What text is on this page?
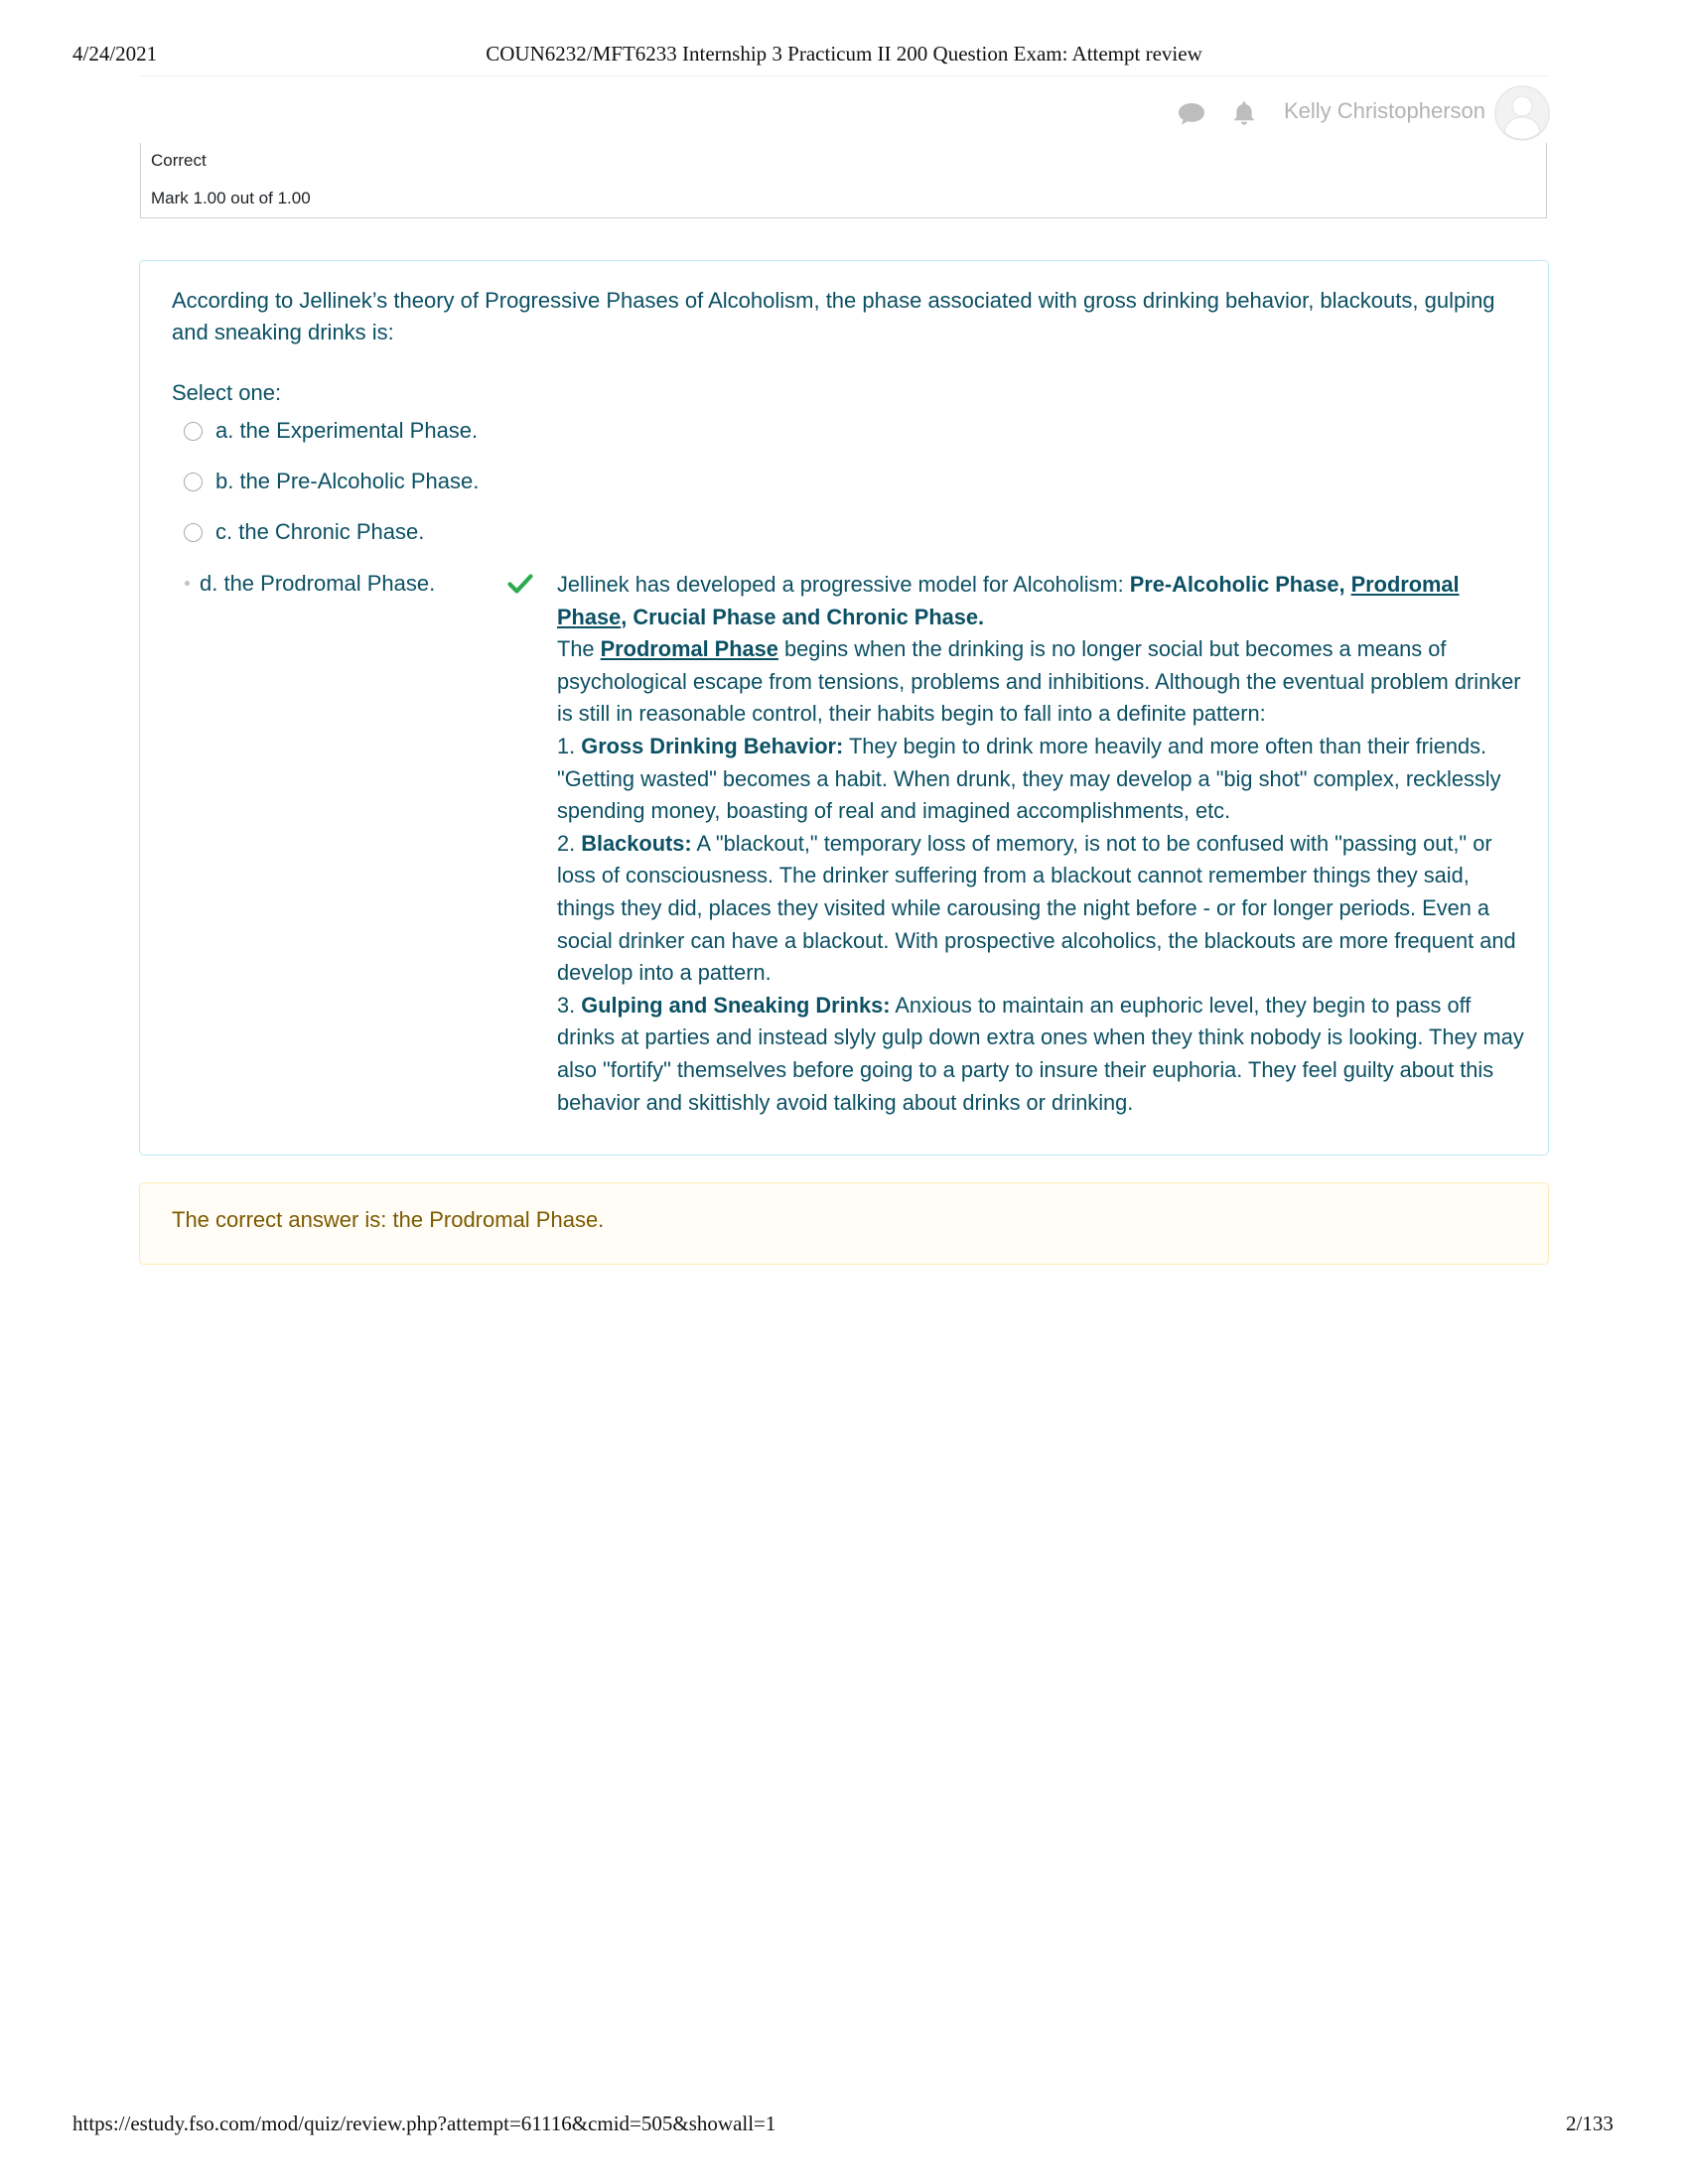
4/24/2021	COUN6232/MFT6233 Internship 3 Practicum II 200 Question Exam: Attempt review
Kelly Christopherson
Correct
Mark 1.00 out of 1.00
According to Jellinek’s theory of Progressive Phases of Alcoholism, the phase associated with gross drinking behavior, blackouts, gulping and sneaking drinks is:
Select one:
a. the Experimental Phase.
b. the Pre-Alcoholic Phase.
c. the Chronic Phase.
d. the Prodromal Phase.	Jellinek has developed a progressive model for Alcoholism: Pre-Alcoholic Phase, Prodromal Phase, Crucial Phase and Chronic Phase.

The Prodromal Phase begins when the drinking is no longer social but becomes a means of psychological escape from tensions, problems and inhibitions. Although the eventual problem drinker is still in reasonable control, their habits begin to fall into a definite pattern:

1. Gross Drinking Behavior: They begin to drink more heavily and more often than their friends. "Getting wasted" becomes a habit. When drunk, they may develop a "big shot" complex, recklessly spending money, boasting of real and imagined accomplishments, etc.

2. Blackouts: A "blackout," temporary loss of memory, is not to be confused with "passing out," or loss of consciousness. The drinker suffering from a blackout cannot remember things they said, things they did, places they visited while carousing the night before - or for longer periods. Even a social drinker can have a blackout. With prospective alcoholics, the blackouts are more frequent and develop into a pattern.

3. Gulping and Sneaking Drinks: Anxious to maintain an euphoric level, they begin to pass off drinks at parties and instead slyly gulp down extra ones when they think nobody is looking. They may also "fortify" themselves before going to a party to insure their euphoria. They feel guilty about this behavior and skittishly avoid talking about drinks or drinking.

The correct answer is: the Prodromal Phase.
https://estudy.fso.com/mod/quiz/review.php?attempt=61116&cmid=505&showall=1	2/133
